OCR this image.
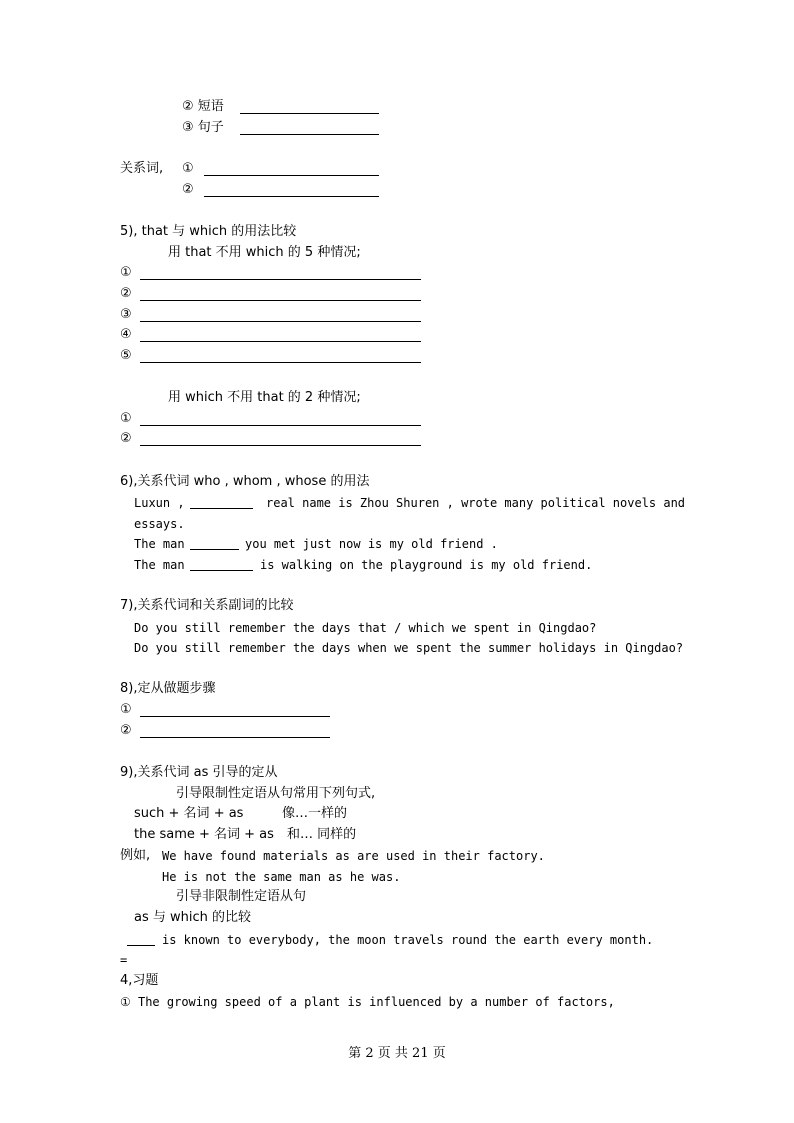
② 短语
③ 句子
关系词, ①
②
5), that 与 which 的用法比较
用 that 不用 which 的 5 种情况;
①
②
③
④
⑤
用 which 不用 that 的 2 种情况;
①
②
6),关系代词 who , whom , whose 的用法
Luxun ,	real name is Zhou Shuren , wrote many political novels and
essays.
The man	you met just now is my old friend .
The man	is walking on the playground is my old friend.
7),关系代词和关系副词的比较
Do you still remember the days that / which we spent in Qingdao?
Do you still remember the days when we spent the summer holidays in Qingdao?
8),定从做题步骤
①
②
9),关系代词 as 引导的定从
引导限制性定语从句常用下列句式,
such + 名词 + as	像…一样的
the same + 名词 + as 和… 同样的
例如, We have found materials as are used in their factory.
He is not the same man as he was.
引导非限制性定语从句
as 与 which 的比较
is known to everybody, the moon travels round the earth every month.
=
4,习题
① The growing speed of a plant is influenced by a number of factors,
第 2 页 共 21 页
